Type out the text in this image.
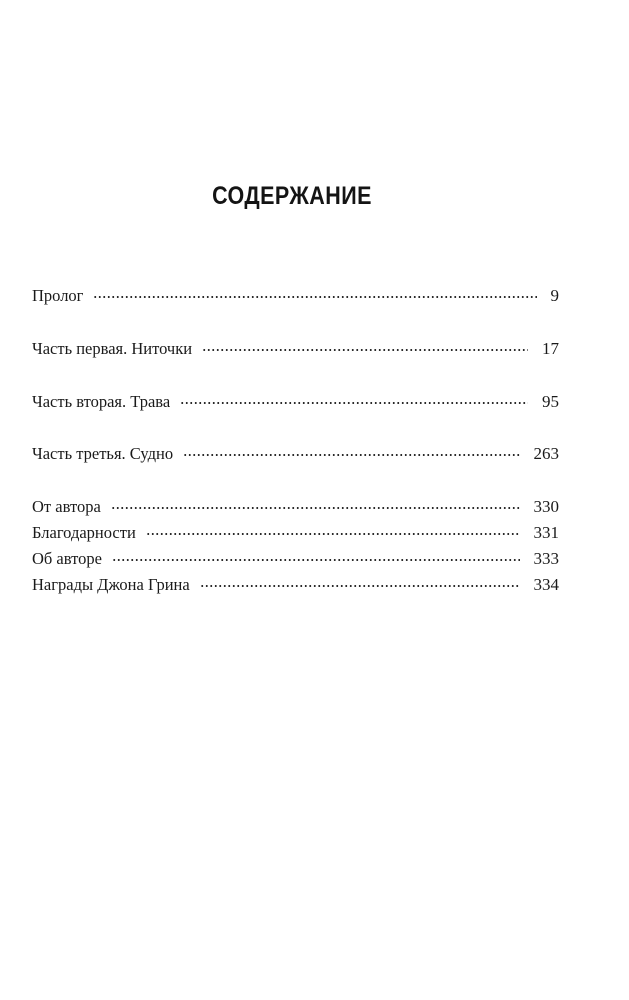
СОДЕРЖАНИЕ
Пролог	9
Часть первая. Ниточки	17
Часть вторая. Трава	95
Часть третья. Судно	263
От автора	330
Благодарности	331
Об авторе	333
Награды Джона Грина	334
